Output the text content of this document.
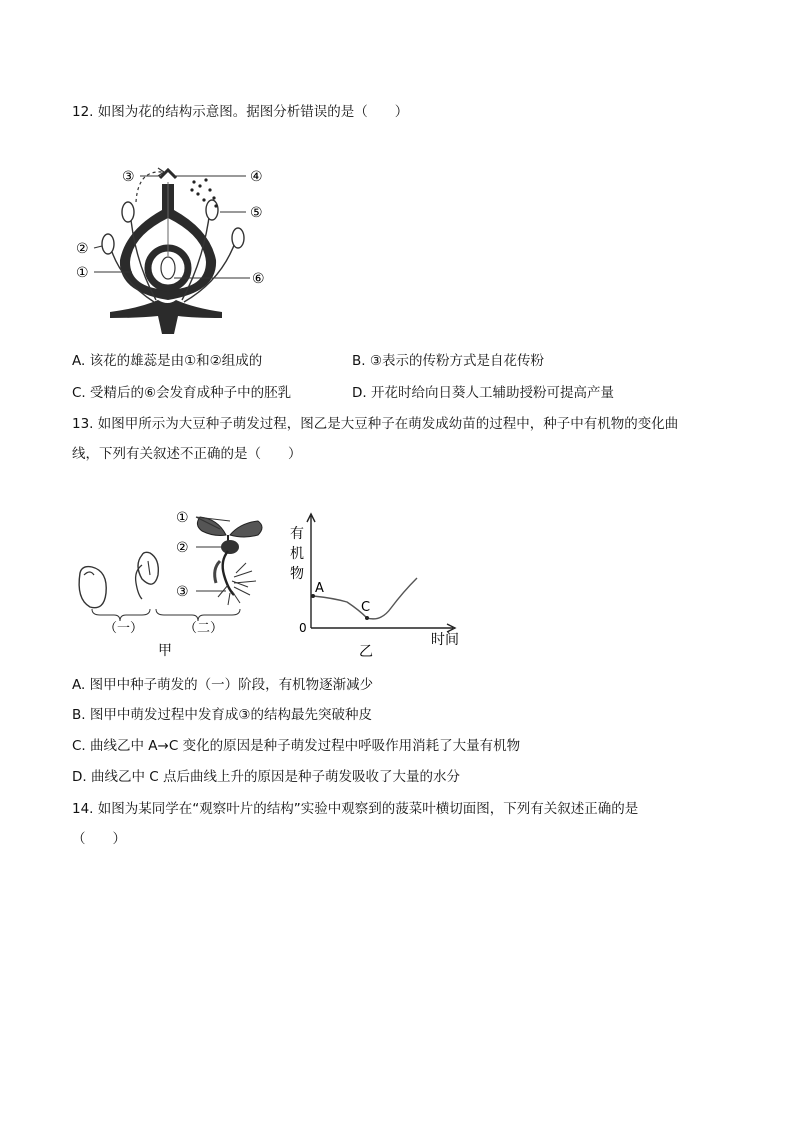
12. 如图为花的结构示意图。据图分析错误的是（　　）
③	④
⑤
②
①	⑥
A. 该花的雄蕊是由①和②组成的	B. ③表示的传粉方式是自花传粉
C. 受精后的⑥会发育成种子中的胚乳	D. 开花时给向日葵人工辅助授粉可提高产量
13. 如图甲所示为大豆种子萌发过程，图乙是大豆种子在萌发成幼苗的过程中，种子中有机物的变化曲
线，下列有关叙述不正确的是（　　）
①
②
③
（一）	（二）
甲
有
机
物
A
C
0
时间
乙
A. 图甲中种子萌发的（一）阶段，有机物逐渐减少
B. 图甲中萌发过程中发育成③的结构最先突破种皮
C. 曲线乙中 A→C 变化的原因是种子萌发过程中呼吸作用消耗了大量有机物
D. 曲线乙中 C 点后曲线上升的原因是种子萌发吸收了大量的水分
14. 如图为某同学在“观察叶片的结构”实验中观察到的菠菜叶横切面图，下列有关叙述正确的是
（　　）
